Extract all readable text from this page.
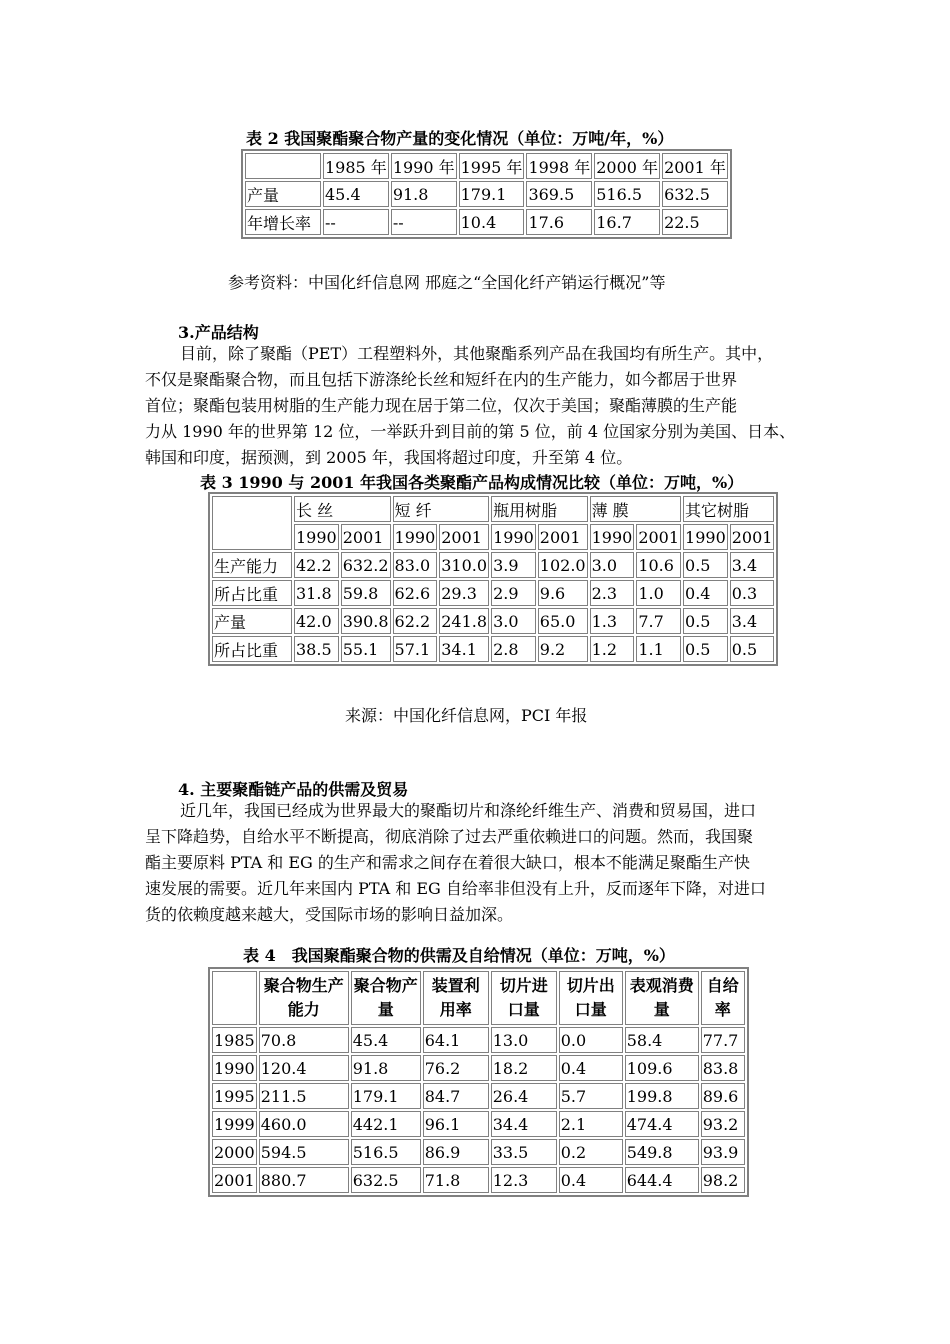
表 2 我国聚酯聚合物产量的变化情况（单位：万吨/年，%）
	1985 年	1990 年	1995 年	1998 年	2000 年	2001 年
产量	45.4	91.8	179.1	369.5	516.5	632.5
年增长率	--	--	10.4	17.6	16.7	22.5
参考资料：中国化纤信息网 邢庭之“全国化纤产销运行概况”等
3.产品结构
目前，除了聚酯（PET）工程塑料外，其他聚酯系列产品在我国均有所生产。其中，
不仅是聚酯聚合物，而且包括下游涤纶长丝和短纤在内的生产能力，如今都居于世界
首位；聚酯包装用树脂的生产能力现在居于第二位，仅次于美国；聚酯薄膜的生产能
力从 1990 年的世界第 12 位，一举跃升到目前的第 5 位，前 4 位国家分别为美国、日本、
韩国和印度，据预测，到 2005 年，我国将超过印度，升至第 4 位。
表 3 1990 与 2001 年我国各类聚酯产品构成情况比较（单位：万吨，%）
	长 丝		短 纤		瓶用树脂		薄 膜		其它树脂	
	1990	2001	1990	2001	1990	2001	1990	2001	1990	2001
生产能力	42.2	632.2	83.0	310.0	3.9	102.0	3.0	10.6	0.5	3.4
所占比重	31.8	59.8	62.6	29.3	2.9	9.6	2.3	1.0	0.4	0.3
产量	42.0	390.8	62.2	241.8	3.0	65.0	1.3	7.7	0.5	3.4
所占比重	38.5	55.1	57.1	34.1	2.8	9.2	1.2	1.1	0.5	0.5
来源：中国化纤信息网，PCI 年报
4. 主要聚酯链产品的供需及贸易
近几年，我国已经成为世界最大的聚酯切片和涤纶纤维生产、消费和贸易国，进口
呈下降趋势，自给水平不断提高，彻底消除了过去严重依赖进口的问题。然而，我国聚
酯主要原料 PTA 和 EG 的生产和需求之间存在着很大缺口，根本不能满足聚酯生产快
速发展的需要。近几年来国内 PTA 和 EG 自给率非但没有上升，反而逐年下降，对进口
货的依赖度越来越大，受国际市场的影响日益加深。
表 4　我国聚酯聚合物的供需及自给情况（单位：万吨，%）
	聚合物生产能力	聚合物产量	装置利用率	切片进口量	切片出口量	表观消费量	自给率
1985	70.8	45.4	64.1	13.0	0.0	58.4	77.7
1990	120.4	91.8	76.2	18.2	0.4	109.6	83.8
1995	211.5	179.1	84.7	26.4	5.7	199.8	89.6
1999	460.0	442.1	96.1	34.4	2.1	474.4	93.2
2000	594.5	516.5	86.9	33.5	0.2	549.8	93.9
2001	880.7	632.5	71.8	12.3	0.4	644.4	98.2
